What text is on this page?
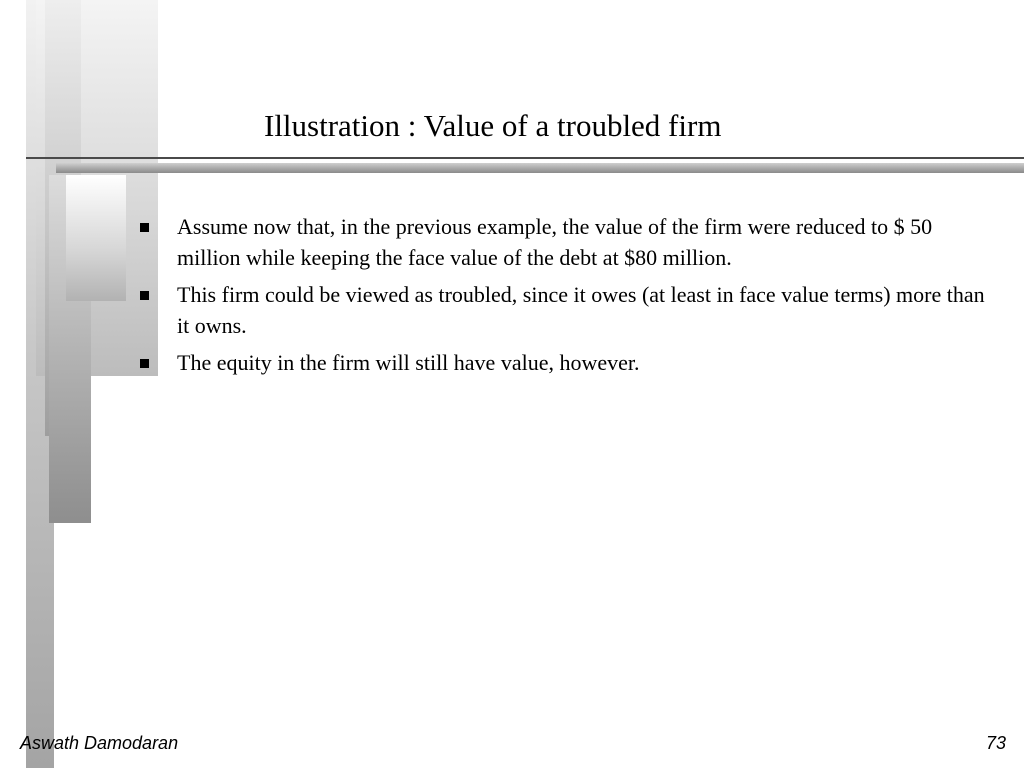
Illustration : Value of a troubled firm
Assume now that, in the previous example, the value of the firm were reduced to $ 50 million while keeping the face value of the debt at $80 million.
This firm could be viewed as troubled, since it owes (at least in face value terms) more than it owns.
The equity in the firm will still have value, however.
Aswath Damodaran	73
